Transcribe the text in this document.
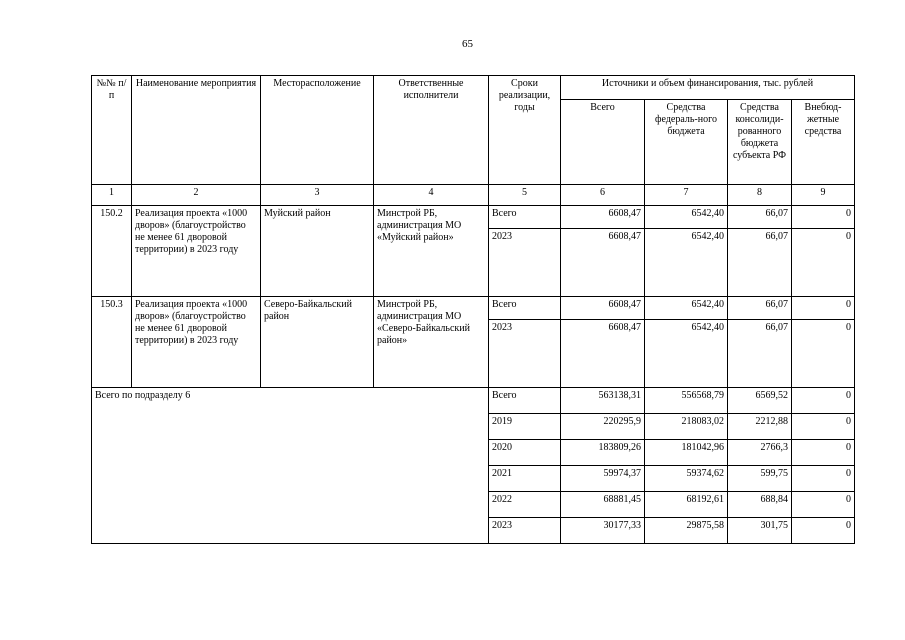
65
№№ п/п	Наименование мероприятия	Месторасположение	Ответственные исполнители	Сроки реализации, годы	Источники и объем финансирования, тыс. рублей			
					Всего	Средства федераль-ного бюджета	Средства консолиди-рованного бюджета субъекта РФ	Внебюд-жетные средства
1	2	3	4	5	6	7	8	9
150.2	Реализация проекта «1000 дворов» (благоустройство не менее 61 дворовой территории) в 2023 году	Муйский район	Минстрой РБ, администрация МО «Муйский район»	Всего	6608,47	6542,40	66,07	0
				2023	6608,47	6542,40	66,07	0
150.3	Реализация проекта «1000 дворов» (благоустройство не менее 61 дворовой территории) в 2023 году	Северо-Байкальский район	Минстрой РБ, администрация МО «Северо-Байкальский район»	Всего	6608,47	6542,40	66,07	0
				2023	6608,47	6542,40	66,07	0
Всего по подразделу 6				Всего	563138,31	556568,79	6569,52	0
				2019	220295,9	218083,02	2212,88	0
				2020	183809,26	181042,96	2766,3	0
				2021	59974,37	59374,62	599,75	0
				2022	68881,45	68192,61	688,84	0
				2023	30177,33	29875,58	301,75	0
